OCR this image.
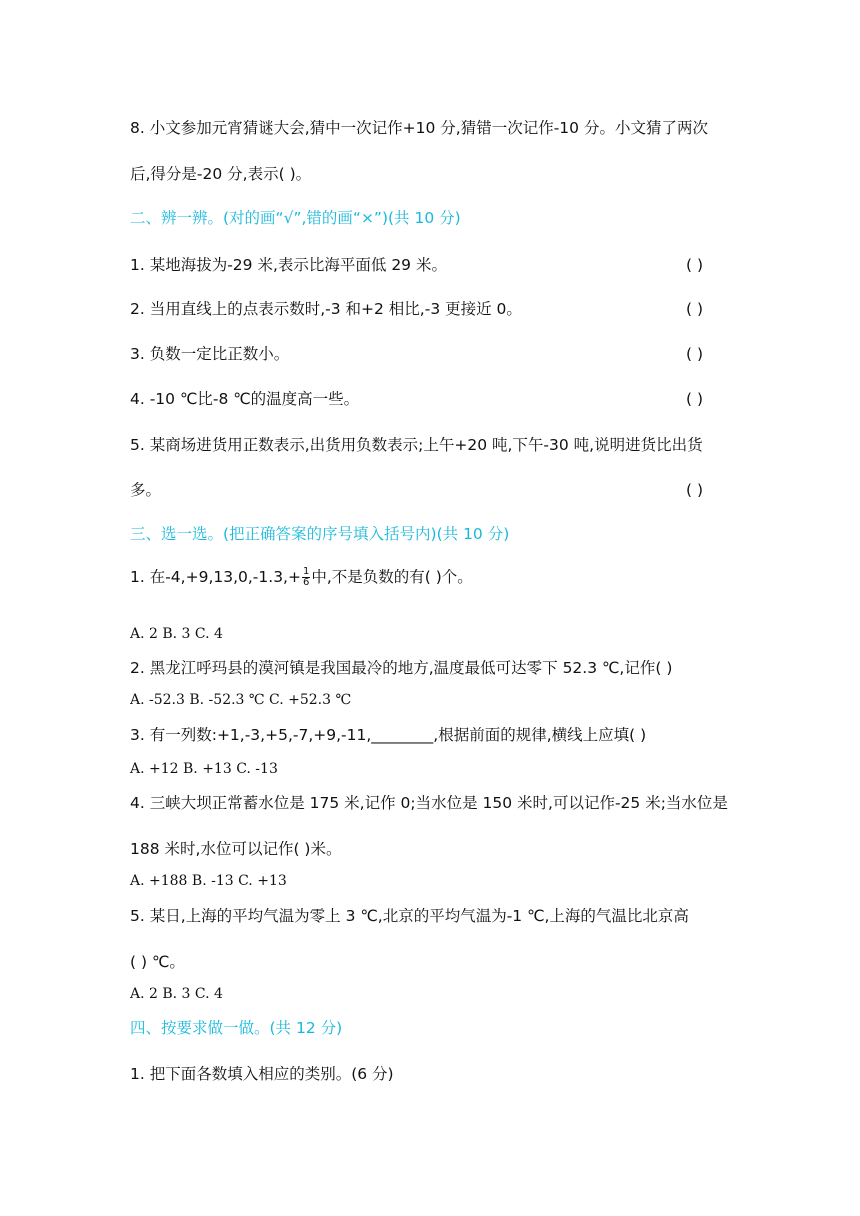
8. 小文参加元宵猜谜大会,猜中一次记作+10 分,猜错一次记作-10 分。小文猜了两次
后,得分是-20 分,表示( )。
二、辨一辨。(对的画“√”,错的画“×”)(共 10 分)
1. 某地海拔为-29 米,表示比海平面低 29 米。	( )
2. 当用直线上的点表示数时,-3 和+2 相比,-3 更接近 0。	( )
3. 负数一定比正数小。	( )
4. -10 ℃比-8 ℃的温度高一些。	( )
5. 某商场进货用正数表示,出货用负数表示;上午+20 吨,下午-30 吨,说明进货比出货
多。	( )
三、选一选。(把正确答案的序号填入括号内)(共 10 分)
1. 在$-4,+9,13,0,-1.3,+ \frac{1}{6}$ 中,不是负数的有( )个。
A. 2 B. 3 C. 4
2. 黑龙江呼玛县的漠河镇是我国最冷的地方,温度最低可达零下 52.3 ℃,记作( )
A. -52.3 B. -52.3 ℃ C. +52.3 ℃
3. 有一列数:+1,-3,+5,-7,+9,-11,________,根据前面的规律,横线上应填( )
A. +12 B. +13 C. -13
4. 三峡大坝正常蓄水位是 175 米,记作 0;当水位是 150 米时,可以记作-25 米;当水位是
188 米时,水位可以记作( )米。
A. +188 B. -13 C. +13
5. 某日,上海的平均气温为零上 3 ℃,北京的平均气温为-1 ℃,上海的气温比北京高
( ) ℃。
A. 2 B. 3 C. 4
四、按要求做一做。(共 12 分)
1. 把下面各数填入相应的类别。(6 分)
